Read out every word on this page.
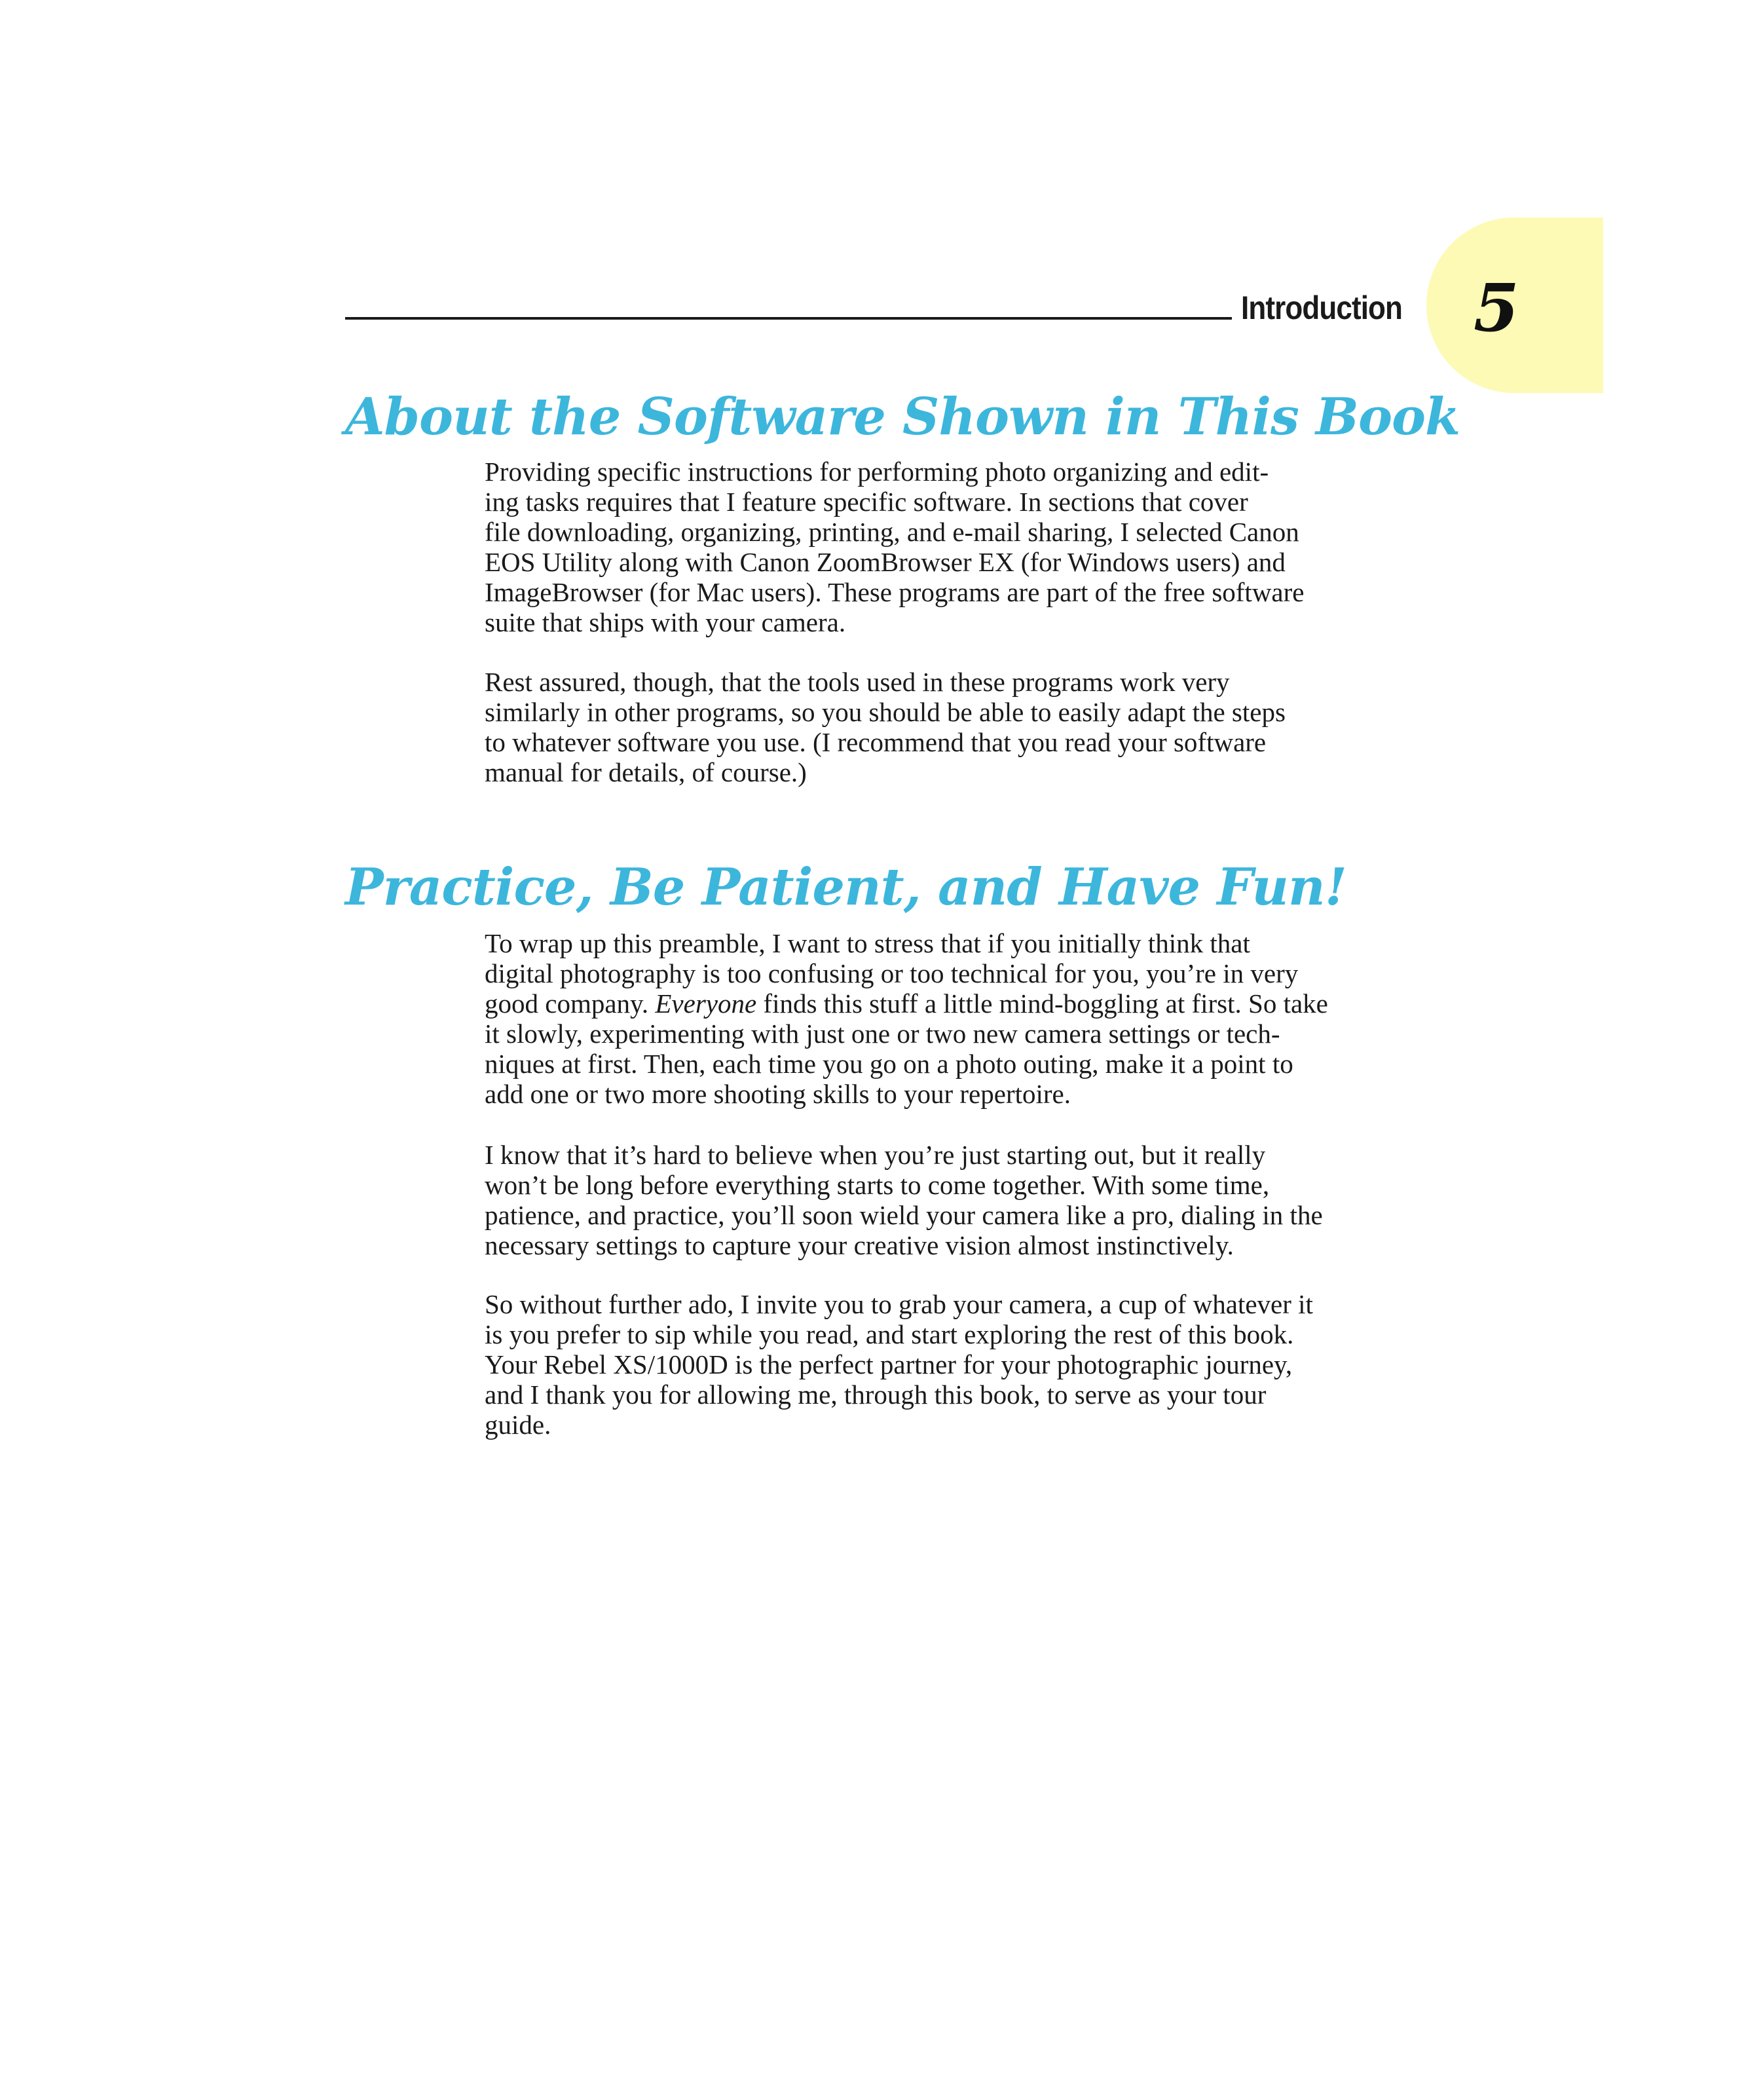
Introduction 5
About the Software Shown in This Book

Providing specific instructions for performing photo organizing and edit-
ing tasks requires that I feature specific software. In sections that cover
file downloading, organizing, printing, and e-mail sharing, I selected Canon
EOS Utility along with Canon ZoomBrowser EX (for Windows users) and
ImageBrowser (for Mac users). These programs are part of the free software
suite that ships with your camera.

Rest assured, though, that the tools used in these programs work very
similarly in other programs, so you should be able to easily adapt the steps
to whatever software you use. (I recommend that you read your software
manual for details, of course.)

Practice, Be Patient, and Have Fun!

To wrap up this preamble, I want to stress that if you initially think that
digital photography is too confusing or too technical for you, you’re in very
good company. Everyone finds this stuff a little mind-boggling at first. So take
it slowly, experimenting with just one or two new camera settings or tech-
niques at first. Then, each time you go on a photo outing, make it a point to
add one or two more shooting skills to your repertoire.

I know that it’s hard to believe when you’re just starting out, but it really
won’t be long before everything starts to come together. With some time,
patience, and practice, you’ll soon wield your camera like a pro, dialing in the
necessary settings to capture your creative vision almost instinctively.

So without further ado, I invite you to grab your camera, a cup of whatever it
is you prefer to sip while you read, and start exploring the rest of this book.
Your Rebel XS/1000D is the perfect partner for your photographic journey,
and I thank you for allowing me, through this book, to serve as your tour
guide.
